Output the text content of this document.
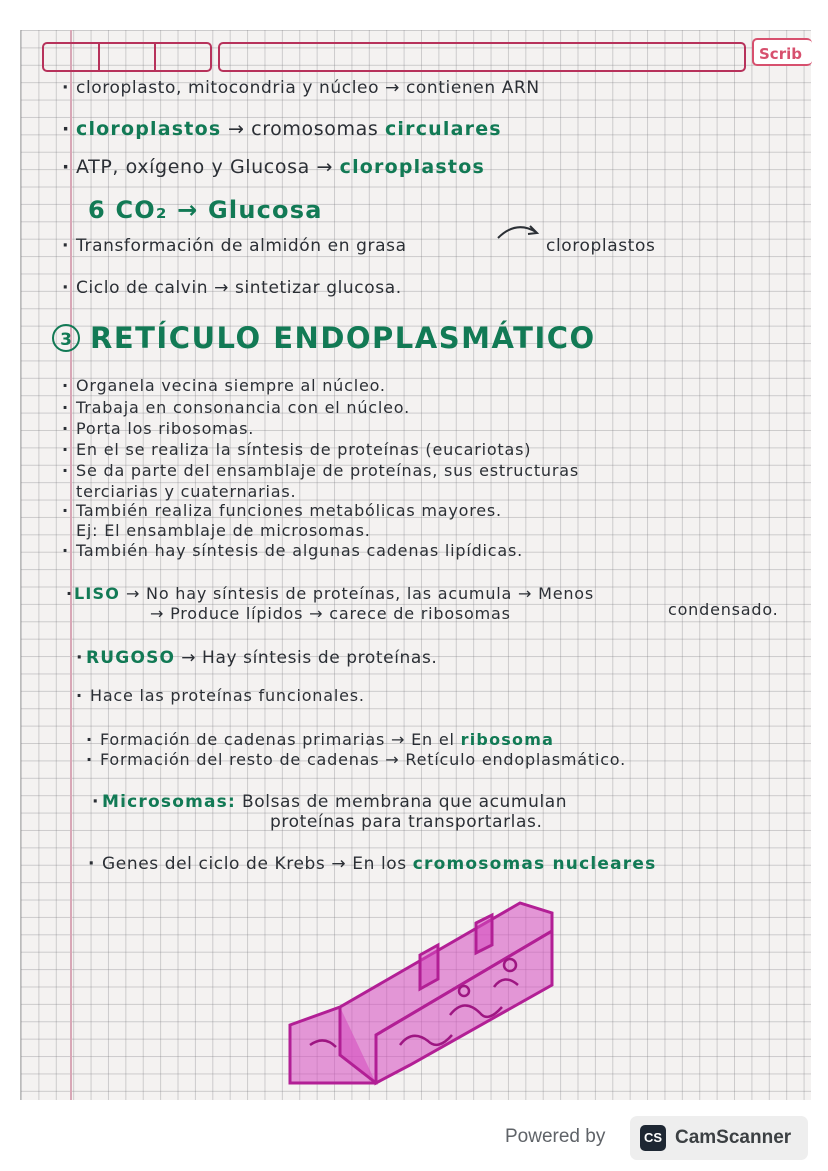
Scrib
· cloroplasto, mitocondria y núcleo → contienen ARN
· cloroplastos → cromosomas circulares
· ATP, oxígeno y Glucosa → cloroplastos
6 CO₂ → Glucosa
· Transformación de almidón en grasa	cloroplastos
· Ciclo de calvin → sintetizar glucosa.
3 RETÍCULO ENDOPLASMÁTICO
· Organela vecina siempre al núcleo.
· Trabaja en consonancia con el núcleo.
· Porta los ribosomas.
· En el se realiza la síntesis de proteínas (eucariotas)
· Se da parte del ensamblaje de proteínas, sus estructuras
terciarias y cuaternarias.
· También realiza funciones metabólicas mayores.
Ej: El ensamblaje de microsomas.
· También hay síntesis de algunas cadenas lipídicas.
·LISO → No hay síntesis de proteínas, las acumula → Menos
→ Produce lípidos → carece de ribosomas	condensado.
· RUGOSO → Hay síntesis de proteínas.
· Hace las proteínas funcionales.
· Formación de cadenas primarias → En el ribosoma
· Formación del resto de cadenas → Retículo endoplasmático.
· Microsomas: Bolsas de membrana que acumulan
proteínas para transportarlas.
· Genes del ciclo de Krebs → En los cromosomas nucleares
Powered by	CS CamScanner
